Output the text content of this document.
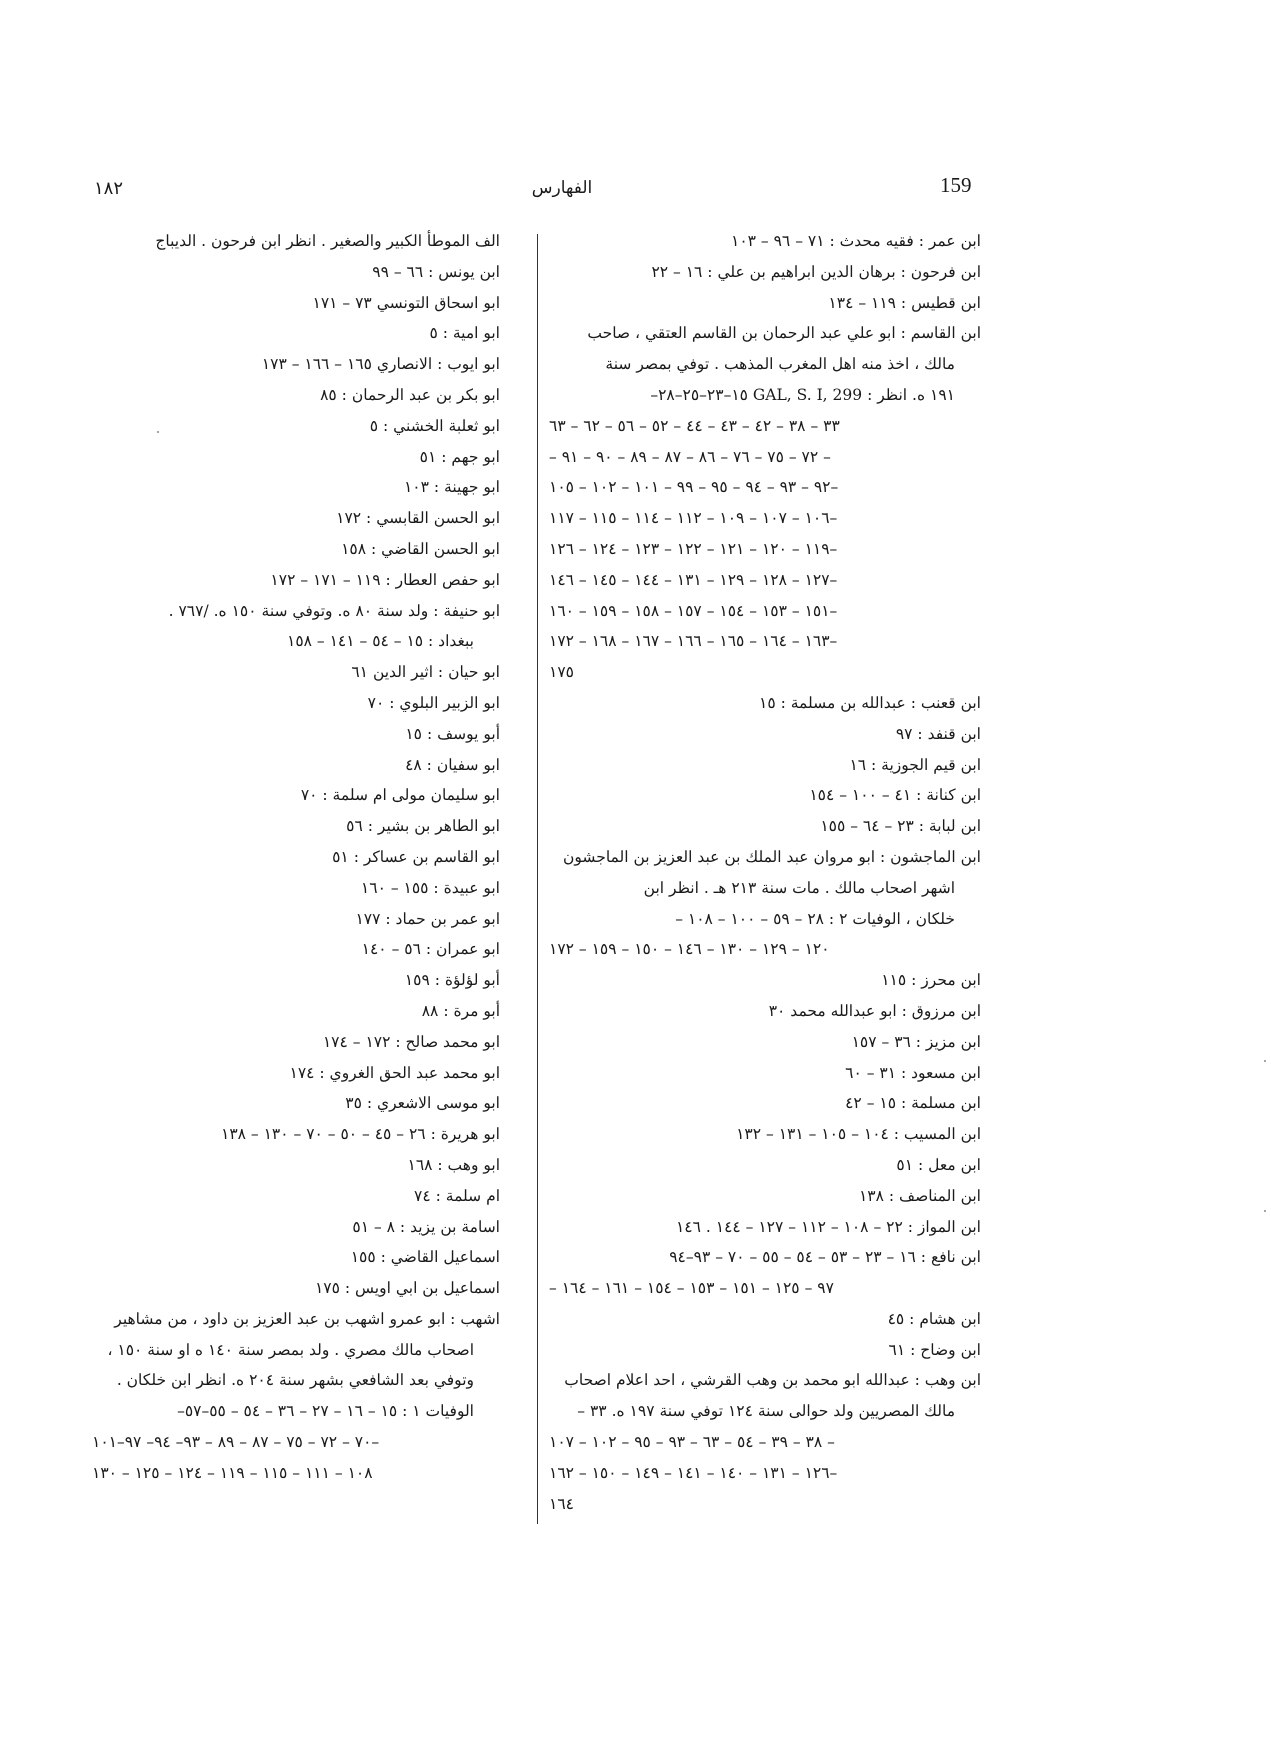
١٨٢	الفهارس	159
ابن عمر : فقيه محدث : ٧١ – ٩٦ – ١٠٣
ابن فرحون : برهان الدين ابراهيم بن علي : ١٦ – ٢٢
ابن قطيس : ١١٩ – ١٣٤
ابن القاسم : ابو علي عبد الرحمان بن القاسم العتقي ، صاحب
مالك ، اخذ منه اهل المغرب المذهب . توفي بمصر سنة
١٩١ ه. انظر : GAL, S. I, 299 ١٥–٢٣–٢٥–٢٨–
٣٣ – ٣٨ – ٤٢ – ٤٣ – ٤٤ – ٥٢ – ٥٦ – ٦٢ – ٦٣
– ٧٢ – ٧٥ – ٧٦ – ٨٦ – ٨٧ – ٨٩ – ٩٠ – ٩١ –
٩٢ – ٩٣ – ٩٤ – ٩٥ – ٩٩ – ١٠١ – ١٠٢ – ١٠٥–
١٠٦ – ١٠٧ – ١٠٩ – ١١٢ – ١١٤ – ١١٥ – ١١٧–
١١٩ – ١٢٠ – ١٢١ – ١٢٢ – ١٢٣ – ١٢٤ – ١٢٦–
١٢٧ – ١٢٨ – ١٢٩ – ١٣١ – ١٤٤ – ١٤٥ – ١٤٦–
١٥١ – ١٥٣ – ١٥٤ – ١٥٧ – ١٥٨ – ١٥٩ – ١٦٠–
١٦٣ – ١٦٤ – ١٦٥ – ١٦٦ – ١٦٧ – ١٦٨ – ١٧٢–
١٧٥
ابن قعنب : عبدالله بن مسلمة : ١٥
ابن قنفد : ٩٧
ابن قيم الجوزية : ١٦
ابن كنانة : ٤١ – ١٠٠ – ١٥٤
ابن لبابة : ٢٣ – ٦٤ – ١٥٥
ابن الماجشون : ابو مروان عبد الملك بن عبد العزيز بن الماجشون
اشهر اصحاب مالك . مات سنة ٢١٣ هـ . انظر ابن
خلكان ، الوفيات ٢ : ٢٨ – ٥٩ – ١٠٠ – ١٠٨ –
١٢٠ – ١٢٩ – ١٣٠ – ١٤٦ – ١٥٠ – ١٥٩ – ١٧٢
ابن محرز : ١١٥
ابن مرزوق : ابو عبدالله محمد ٣٠
ابن مزيز : ٣٦ – ١٥٧
ابن مسعود : ٣١ – ٦٠
ابن مسلمة : ١٥ – ٤٢
ابن المسيب : ١٠٤ – ١٠٥ – ١٣١ – ١٣٢
ابن معل : ٥١
ابن المناصف : ١٣٨
ابن المواز : ٢٢ – ١٠٨ – ١١٢ – ١٢٧ – ١٤٤ . ١٤٦
ابن نافع : ١٦ – ٢٣ – ٥٣ – ٥٤ – ٥٥ – ٧٠ – ٩٣–٩٤
– ٩٧ – ١٢٥ – ١٥١ – ١٥٣ – ١٥٤ – ١٦١ – ١٦٤
ابن هشام : ٤٥
ابن وضاح : ٦١
ابن وهب : عبدالله ابو محمد بن وهب القرشي ، احد اعلام اصحاب
مالك المصريين ولد حوالى سنة ١٢٤ توفي سنة ١٩٧ ه. ٣٣ –
٣٨ – ٣٩ – ٥٤ – ٦٣ – ٩٣ – ٩٥ – ١٠٢ – ١٠٧ –
١٢٦ – ١٣١ – ١٤٠ – ١٤١ – ١٤٩ – ١٥٠ – ١٦٢–
١٦٤
الف الموطأ الكبير والصغير . انظر ابن فرحون . الديباج
ابن يونس : ٦٦ – ٩٩
ابو اسحاق التونسي ٧٣ – ١٧١
ابو امية : ٥
ابو ايوب : الانصاري ١٦٥ – ١٦٦ – ١٧٣
ابو بكر بن عبد الرحمان : ٨٥
ابو ثعلبة الخشني : ٥
ابو جهم : ٥١
ابو جهينة : ١٠٣
ابو الحسن القابسي : ١٧٢
ابو الحسن القاضي : ١٥٨
ابو حفص العطار : ١١٩ – ١٧١ – ١٧٢
ابو حنيفة : ولد سنة ٨٠ ه. وتوفي سنة ١٥٠ ه. /٧٦٧ .
ببغداد : ١٥ – ٥٤ – ١٤١ – ١٥٨
ابو حيان : اثير الدين ٦١
ابو الزبير البلوي : ٧٠
أبو يوسف : ١٥
ابو سفيان : ٤٨
ابو سليمان مولى ام سلمة : ٧٠
ابو الطاهر بن بشير : ٥٦
ابو القاسم بن عساكر : ٥١
ابو عبيدة : ١٥٥ – ١٦٠
ابو عمر بن حماد : ١٧٧
ابو عمران : ٥٦ – ١٤٠
أبو لؤلؤة : ١٥٩
أبو مرة : ٨٨
ابو محمد صالح : ١٧٢ – ١٧٤
ابو محمد عبد الحق الغروي : ١٧٤
ابو موسى الاشعري : ٣٥
ابو هريرة : ٢٦ – ٤٥ – ٥٠ – ٧٠ – ١٣٠ – ١٣٨
ابو وهب : ١٦٨
ام سلمة : ٧٤
اسامة بن يزيد : ٨ – ٥١
اسماعيل القاضي : ١٥٥
اسماعيل بن ابي اويس : ١٧٥
اشهب : ابو عمرو اشهب بن عبد العزيز بن داود ، من مشاهير
اصحاب مالك مصري . ولد بمصر سنة ١٤٠ ه او سنة ١٥٠ ،
وتوفي بعد الشافعي بشهر سنة ٢٠٤ ه. انظر ابن خلكان .
الوفيات ١ : ١٥ – ١٦ – ٢٧ – ٣٦ – ٥٤ – ٥٥–٥٧–
٧٠ – ٧٢ – ٧٥ – ٨٧ – ٨٩ – ٩٣– ٩٤– ٩٧–١٠١–
١٠٨ – ١١١ – ١١٥ – ١١٩ – ١٢٤ – ١٢٥ – ١٣٠
